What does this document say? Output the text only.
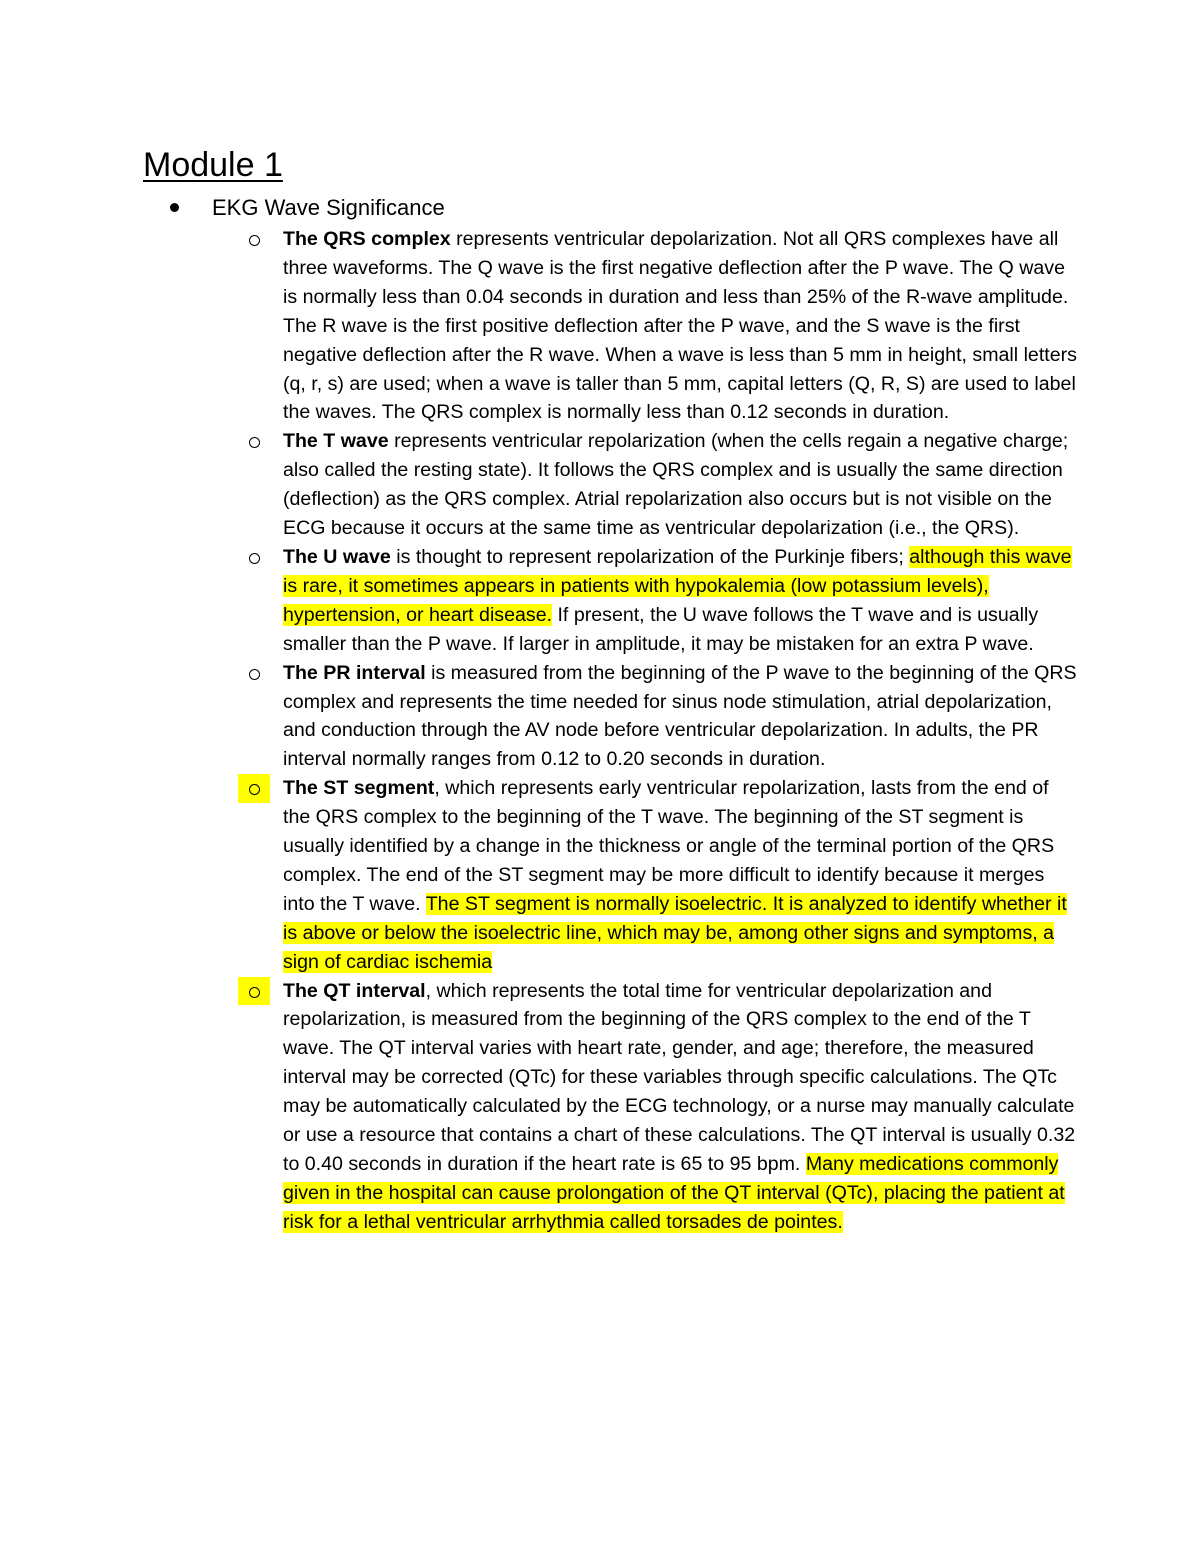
Module 1
EKG Wave Significance
The QRS complex represents ventricular depolarization. Not all QRS complexes have all three waveforms. The Q wave is the first negative deflection after the P wave. The Q wave is normally less than 0.04 seconds in duration and less than 25% of the R-wave amplitude. The R wave is the first positive deflection after the P wave, and the S wave is the first negative deflection after the R wave. When a wave is less than 5 mm in height, small letters (q, r, s) are used; when a wave is taller than 5 mm, capital letters (Q, R, S) are used to label the waves. The QRS complex is normally less than 0.12 seconds in duration.
The T wave represents ventricular repolarization (when the cells regain a negative charge; also called the resting state). It follows the QRS complex and is usually the same direction (deflection) as the QRS complex. Atrial repolarization also occurs but is not visible on the ECG because it occurs at the same time as ventricular depolarization (i.e., the QRS).
The U wave is thought to represent repolarization of the Purkinje fibers; although this wave is rare, it sometimes appears in patients with hypokalemia (low potassium levels), hypertension, or heart disease. If present, the U wave follows the T wave and is usually smaller than the P wave. If larger in amplitude, it may be mistaken for an extra P wave.
The PR interval is measured from the beginning of the P wave to the beginning of the QRS complex and represents the time needed for sinus node stimulation, atrial depolarization, and conduction through the AV node before ventricular depolarization. In adults, the PR interval normally ranges from 0.12 to 0.20 seconds in duration.
The ST segment, which represents early ventricular repolarization, lasts from the end of the QRS complex to the beginning of the T wave. The beginning of the ST segment is usually identified by a change in the thickness or angle of the terminal portion of the QRS complex. The end of the ST segment may be more difficult to identify because it merges into the T wave. The ST segment is normally isoelectric. It is analyzed to identify whether it is above or below the isoelectric line, which may be, among other signs and symptoms, a sign of cardiac ischemia
The QT interval, which represents the total time for ventricular depolarization and repolarization, is measured from the beginning of the QRS complex to the end of the T wave. The QT interval varies with heart rate, gender, and age; therefore, the measured interval may be corrected (QTc) for these variables through specific calculations. The QTc may be automatically calculated by the ECG technology, or a nurse may manually calculate or use a resource that contains a chart of these calculations. The QT interval is usually 0.32 to 0.40 seconds in duration if the heart rate is 65 to 95 bpm. Many medications commonly given in the hospital can cause prolongation of the QT interval (QTc), placing the patient at risk for a lethal ventricular arrhythmia called torsades de pointes.
